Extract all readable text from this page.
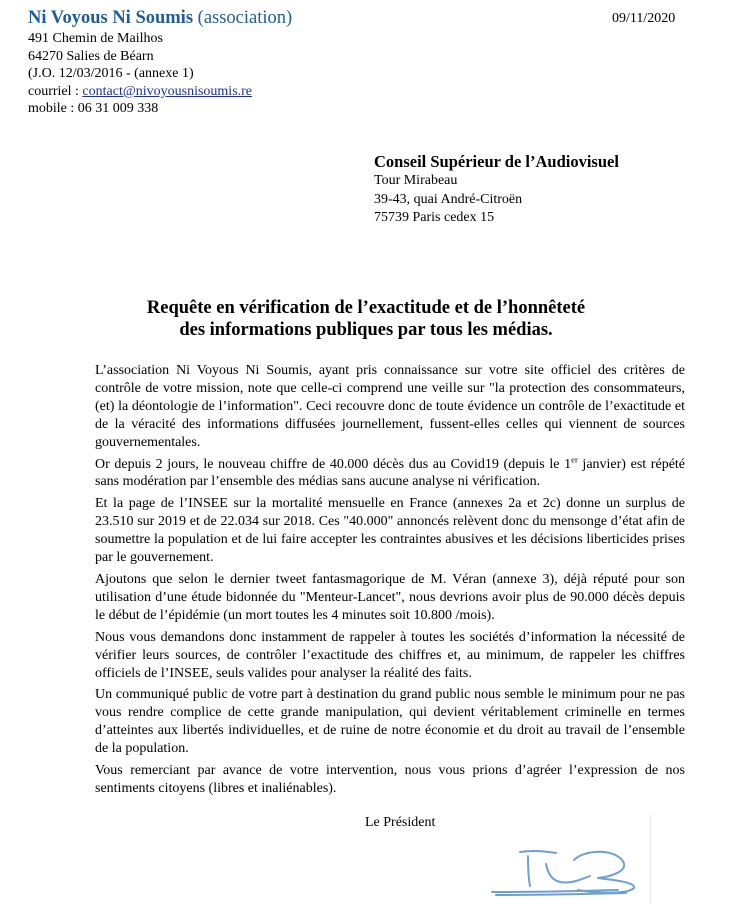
Ni Voyous Ni Soumis (association)
491 Chemin de Mailhos
64270 Salies de Béarn
(J.O. 12/03/2016 - (annexe 1)
courriel : contact@nivoyousnisoumis.re
mobile : 06 31 009 338
09/11/2020
Conseil Supérieur de l’Audiovisuel
Tour Mirabeau
39-43, quai André-Citroën
75739 Paris cedex 15
Requête en vérification de l’exactitude et de l’honnêteté
des informations publiques par tous les médias.

L’association Ni Voyous Ni Soumis, ayant pris connaissance sur votre site officiel des critères de contrôle de votre mission, note que celle-ci comprend une veille sur "la protection des consommateurs, (et) la déontologie de l’information". Ceci recouvre donc de toute évidence un contrôle de l’exactitude et de la véracité des informations diffusées journellement, fussent-elles celles qui viennent de sources gouvernementales.

Or depuis 2 jours, le nouveau chiffre de 40.000 décès dus au Covid19 (depuis le 1er janvier) est répété sans modération par l’ensemble des médias sans aucune analyse ni vérification.

Et la page de l’INSEE sur la mortalité mensuelle en France (annexes 2a et 2c) donne un surplus de 23.510 sur 2019 et de 22.034 sur 2018. Ces "40.000" annoncés relèvent donc du mensonge d’état afin de soumettre la population et de lui faire accepter les contraintes abusives et les décisions liberticides prises par le gouvernement.

Ajoutons que selon le dernier tweet fantasmagorique de M. Véran (annexe 3), déjà réputé pour son utilisation d’une étude bidonnée du "Menteur-Lancet", nous devrions avoir plus de 90.000 décès depuis le début de l’épidémie (un mort toutes les 4 minutes soit 10.800 /mois).

Nous vous demandons donc instamment de rappeler à toutes les sociétés d’information la nécessité de vérifier leurs sources, de contrôler l’exactitude des chiffres et, au minimum, de rappeler les chiffres officiels de l’INSEE, seuls valides pour analyser la réalité des faits.

Un communiqué public de votre part à destination du grand public nous semble le minimum pour ne pas vous rendre complice de cette grande manipulation, qui devient véritablement criminelle en termes d’atteintes aux libertés individuelles, et de ruine de notre économie et du droit au travail de l’ensemble de la population.

Vous remerciant par avance de votre intervention, nous vous prions d’agréer l’expression de nos sentiments citoyens (libres et inaliénables).

Le Président
